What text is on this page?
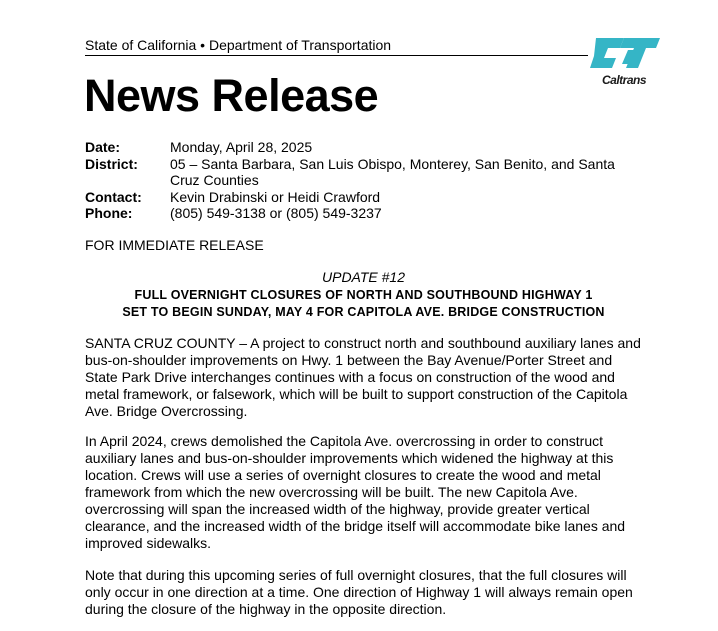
State of California • Department of Transportation
Caltrans
News Release
Date:	Monday, April 28, 2025
District:	05 – Santa Barbara, San Luis Obispo, Monterey, San Benito, and Santa Cruz Counties
Contact:	Kevin Drabinski or Heidi Crawford
Phone:	(805) 549-3138 or (805) 549-3237
FOR IMMEDIATE RELEASE
UPDATE #12
FULL OVERNIGHT CLOSURES OF NORTH AND SOUTHBOUND HIGHWAY 1
SET TO BEGIN SUNDAY, MAY 4 FOR CAPITOLA AVE. BRIDGE CONSTRUCTION

SANTA CRUZ COUNTY – A project to construct north and southbound auxiliary lanes and bus-on-shoulder improvements on Hwy. 1 between the Bay Avenue/Porter Street and State Park Drive interchanges continues with a focus on construction of the wood and metal framework, or falsework, which will be built to support construction of the Capitola Ave. Bridge Overcrossing.

In April 2024, crews demolished the Capitola Ave. overcrossing in order to construct auxiliary lanes and bus-on-shoulder improvements which widened the highway at this location. Crews will use a series of overnight closures to create the wood and metal framework from which the new overcrossing will be built. The new Capitola Ave. overcrossing will span the increased width of the highway, provide greater vertical clearance, and the increased width of the bridge itself will accommodate bike lanes and improved sidewalks.

Note that during this upcoming series of full overnight closures, that the full closures will only occur in one direction at a time. One direction of Highway 1 will always remain open during the closure of the highway in the opposite direction.
